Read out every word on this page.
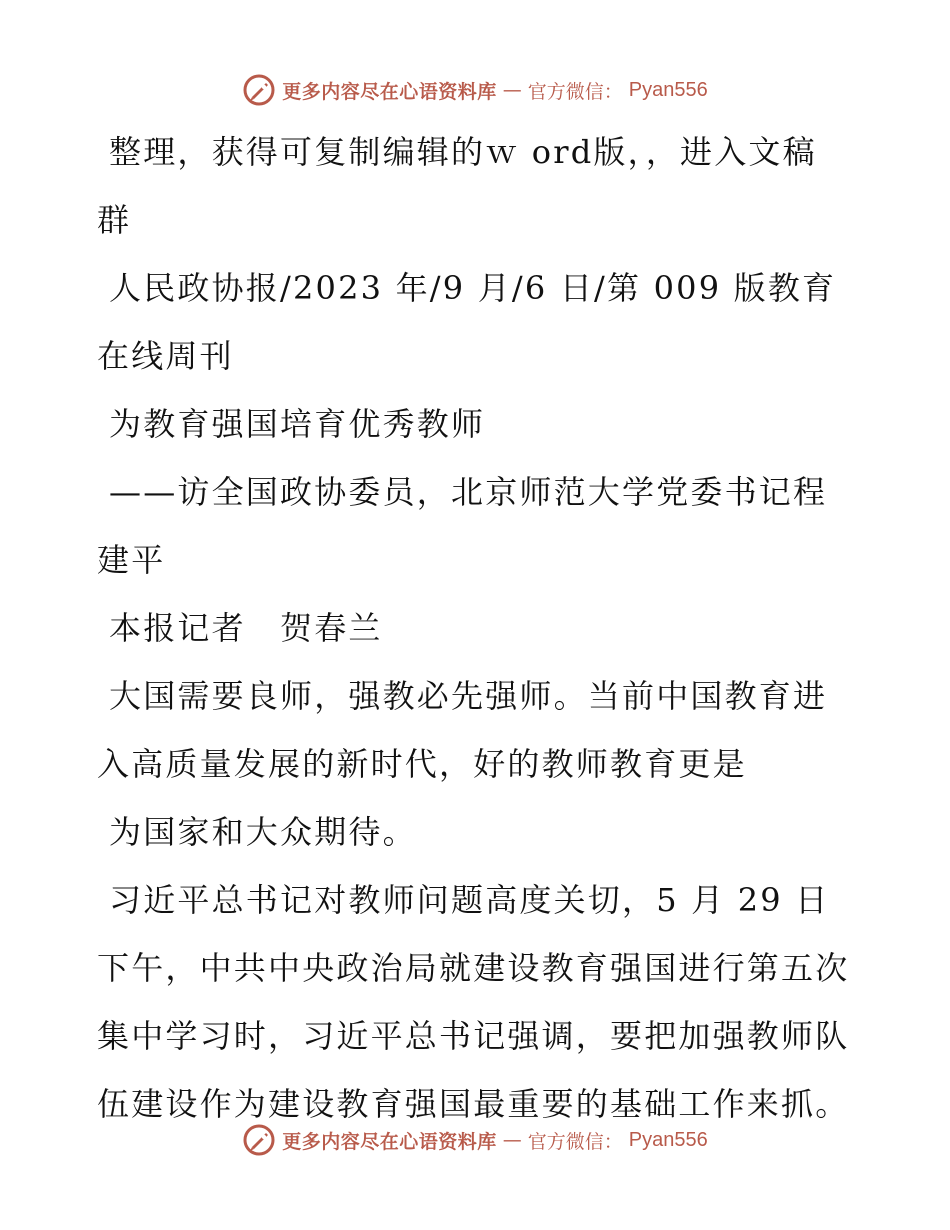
更多内容尽在心语资料库 — 官方微信： Pyan556
整理，获得可复制编辑的ｗ ord版，，进入文稿
群
人民政协报/2023 年/9 月/6 日/第 009 版教育
在线周刊
为教育强国培育优秀教师
——访全国政协委员，北京师范大学党委书记程
建平
本报记者　贺春兰
大国需要良师，强教必先强师。当前中国教育进
入高质量发展的新时代，好的教师教育更是
为国家和大众期待。
习近平总书记对教师问题高度关切，5 月 29 日
下午，中共中央政治局就建设教育强国进行第五次
集中学习时，习近平总书记强调，要把加强教师队
伍建设作为建设教育强国最重要的基础工作来抓。
更多内容尽在心语资料库 — 官方微信： Pyan556
